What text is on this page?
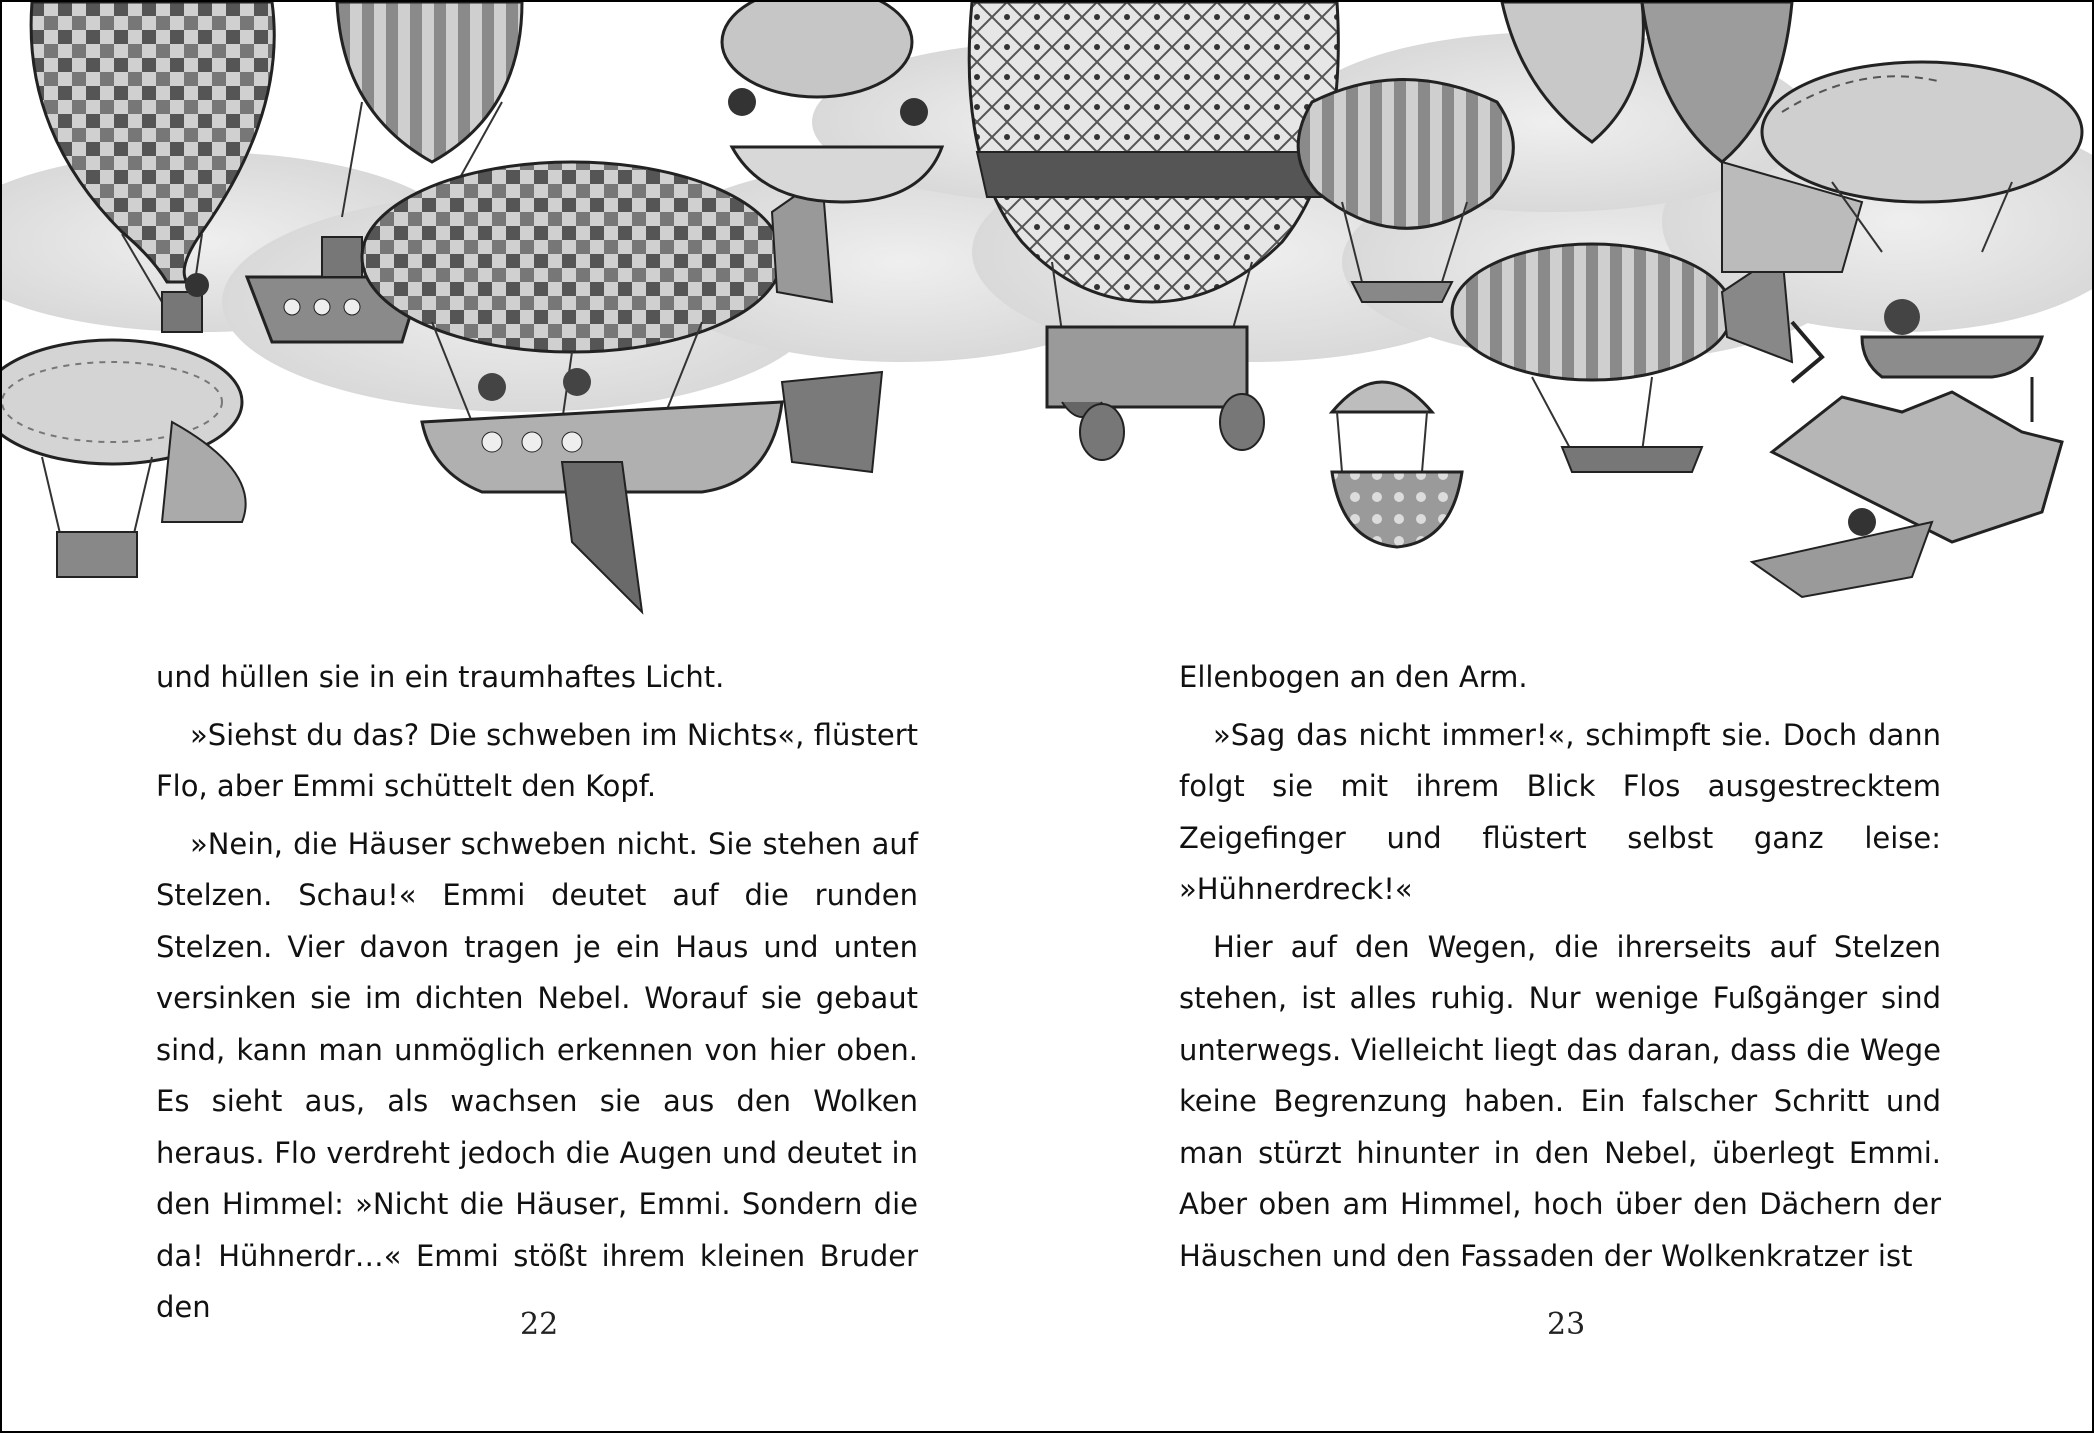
und hüllen sie in ein traumhaftes Licht.

»Siehst du das? Die schweben im Nichts«, flüstert Flo, aber Emmi schüttelt den Kopf.

»Nein, die Häuser schweben nicht. Sie stehen auf Stelzen. Schau!« Emmi deutet auf die runden Stelzen. Vier davon tragen je ein Haus und unten versinken sie im dichten Nebel. Worauf sie gebaut sind, kann man unmöglich erkennen von hier oben. Es sieht aus, als wachsen sie aus den Wolken heraus. Flo verdreht jedoch die Augen und deutet in den Himmel: »Nicht die Häuser, Emmi. Sondern die da! Hühnerdr…« Emmi stößt ihrem kleinen Bruder den

Ellenbogen an den Arm.

»Sag das nicht immer!«, schimpft sie. Doch dann folgt sie mit ihrem Blick Flos ausgestrecktem Zeigefinger und flüstert selbst ganz leise: »Hühnerdreck!«

Hier auf den Wegen, die ihrerseits auf Stelzen stehen, ist alles ruhig. Nur wenige Fußgänger sind unterwegs. Vielleicht liegt das daran, dass die Wege keine Begrenzung haben. Ein falscher Schritt und man stürzt hinunter in den Nebel, überlegt Emmi. Aber oben am Himmel, hoch über den Dächern der Häuschen und den Fassaden der Wolkenkratzer ist

22	23
